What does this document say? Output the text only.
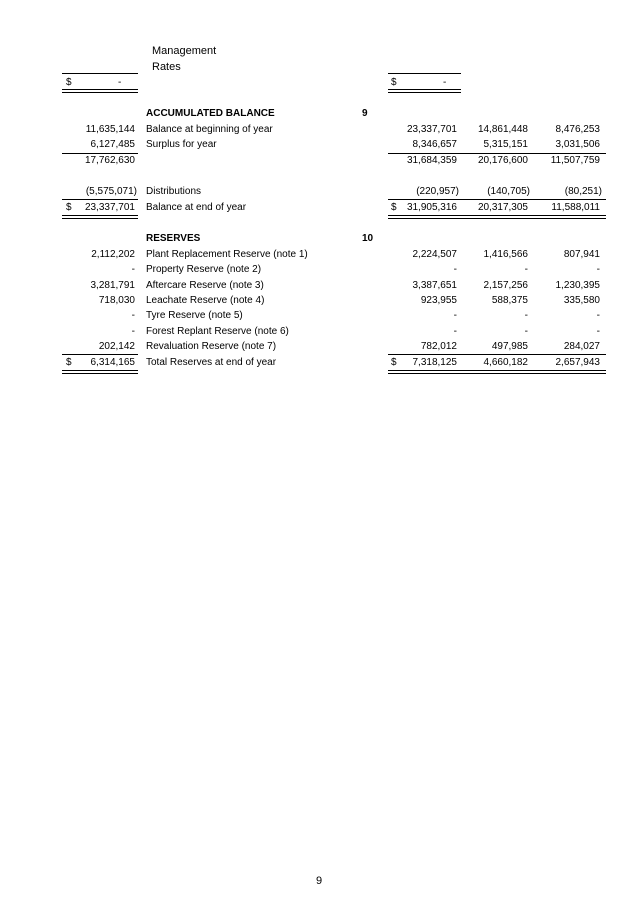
Management
Rates
$	-	$	-
ACCUMULATED BALANCE	9
11,635,144 Balance at beginning of year	23,337,701 14,861,448	8,476,253
6,127,485 Surplus for year	8,346,657	5,315,151	3,031,506
17,762,630	31,684,359 20,176,600 11,507,759
(5,575,071) Distributions	(220,957)	(140,705)	(80,251)
$ 23,337,701 Balance at end of year	$ 31,905,316 20,317,305 11,588,011
RESERVES	10
2,112,202 Plant Replacement Reserve (note 1)	2,224,507	1,416,566	807,941
- Property Reserve (note 2)	-	-	-
3,281,791 Aftercare Reserve (note 3)	3,387,651	2,157,256	1,230,395
718,030 Leachate Reserve (note 4)	923,955	588,375	335,580
- Tyre Reserve (note 5)	-	-	-
- Forest Replant Reserve (note 6)	-	-	-
202,142 Revaluation Reserve (note 7)	782,012	497,985	284,027
$ 6,314,165 Total Reserves at end of year	$ 7,318,125	4,660,182	2,657,943
9
